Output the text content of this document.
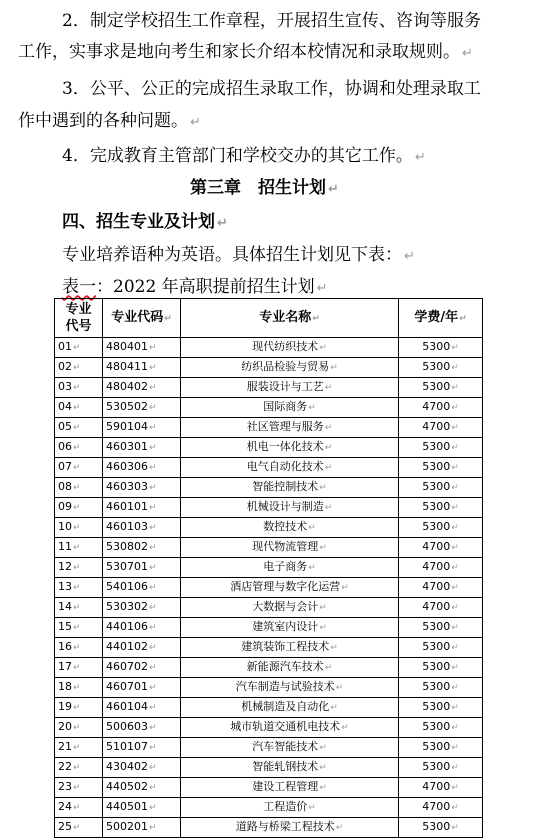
2．制定学校招生工作章程，开展招生宣传、咨询等服务
工作，实事求是地向考生和家长介绍本校情况和录取规则。 ↵
3．公平、公正的完成招生录取工作，协调和处理录取工
作中遇到的各种问题。 ↵
4．完成教育主管部门和学校交办的其它工作。 ↵
第三章　招生计划 ↵
四、招生专业及计划 ↵
专业培养语种为英语。具体招生计划见下表： ↵
表一：2022 年高职提前招生计划 ↵
专业
代号	专业代码↵	专业名称↵	学费/年↵
01↵	480401↵	现代纺织技术↵	5300↵
02↵	480411↵	纺织品检验与贸易↵	5300↵
03↵	480402↵	服装设计与工艺↵	5300↵
04↵	530502↵	国际商务↵	4700↵
05↵	590104↵	社区管理与服务↵	4700↵
06↵	460301↵	机电一体化技术↵	5300↵
07↵	460306↵	电气自动化技术↵	5300↵
08↵	460303↵	智能控制技术↵	5300↵
09↵	460101↵	机械设计与制造↵	5300↵
10↵	460103↵	数控技术↵	5300↵
11↵	530802↵	现代物流管理↵	4700↵
12↵	530701↵	电子商务↵	4700↵
13↵	540106↵	酒店管理与数字化运营↵	4700↵
14↵	530302↵	大数据与会计↵	4700↵
15↵	440106↵	建筑室内设计↵	5300↵
16↵	440102↵	建筑装饰工程技术↵	5300↵
17↵	460702↵	新能源汽车技术↵	5300↵
18↵	460701↵	汽车制造与试验技术↵	5300↵
19↵	460104↵	机械制造及自动化↵	5300↵
20↵	500603↵	城市轨道交通机电技术↵	5300↵
21↵	510107↵	汽车智能技术↵	5300↵
22↵	430402↵	智能轧钢技术↵	5300↵
23↵	440502↵	建设工程管理↵	4700↵
24↵	440501↵	工程造价↵	4700↵
25↵	500201↵	道路与桥梁工程技术↵	5300↵
